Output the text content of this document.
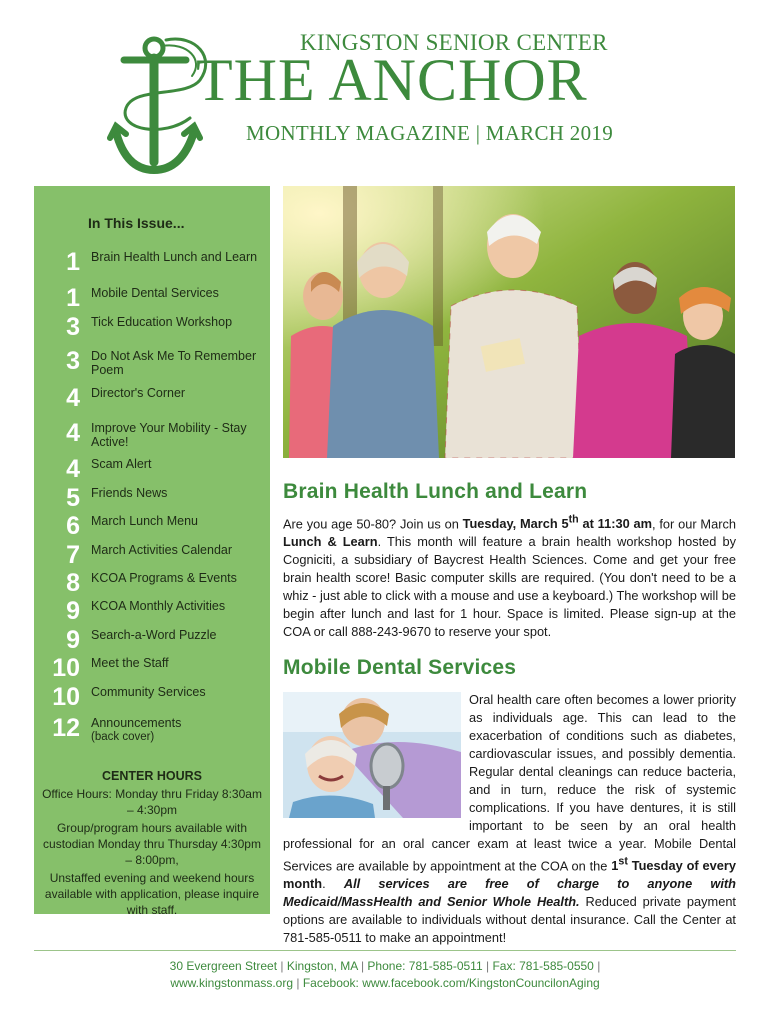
KINGSTON SENIOR CENTER
THE ANCHOR
MONTHLY MAGAZINE | MARCH 2019
In This Issue...
1 Brain Health Lunch and Learn
1 Mobile Dental Services
3 Tick Education Workshop
3 Do Not Ask Me To Remember Poem
4 Director's Corner
4 Improve Your Mobility - Stay Active!
4 Scam Alert
5 Friends News
6 March Lunch Menu
7 March Activities Calendar
8 KCOA Programs & Events
9 KCOA Monthly Activities
9 Search-a-Word Puzzle
10 Meet the Staff
10 Community Services
12 Announcements
(back cover)
CENTER HOURS
Office Hours: Monday thru Friday 8:30am – 4:30pm
Group/program hours available with custodian Monday thru Thursday 4:30pm – 8:00pm,
Unstaffed evening and weekend hours available with application, please inquire with staff.
Brain Health Lunch and Learn
Are you age 50-80? Join us on Tuesday, March 5th at 11:30 am, for our March Lunch & Learn. This month will feature a brain health workshop hosted by Cogniciti, a subsidiary of Baycrest Health Sciences. Come and get your free brain health score! Basic computer skills are required. (You don't need to be a whiz - just able to click with a mouse and use a keyboard.) The workshop will be begin after lunch and last for 1 hour. Space is limited. Please sign-up at the COA or call 888-243-9670 to reserve your spot.
Mobile Dental Services
Oral health care often becomes a lower priority as individuals age. This can lead to the exacerbation of conditions such as diabetes, cardiovascular issues, and possibly dementia. Regular dental cleanings can reduce bacteria, and in turn, reduce the risk of systemic complications. If you have dentures, it is still important to be seen by an oral health professional for an oral cancer exam at least twice a year. Mobile Dental Services are available by appointment at the COA on the 1st Tuesday of every month. All services are free of charge to anyone with Medicaid/MassHealth and Senior Whole Health. Reduced private payment options are available to individuals without dental insurance. Call the Center at 781-585-0511 to make an appointment!
30 Evergreen Street | Kingston, MA | Phone: 781-585-0511 | Fax: 781-585-0550 |
www.kingstonmass.org | Facebook: www.facebook.com/KingstonCouncilonAging
